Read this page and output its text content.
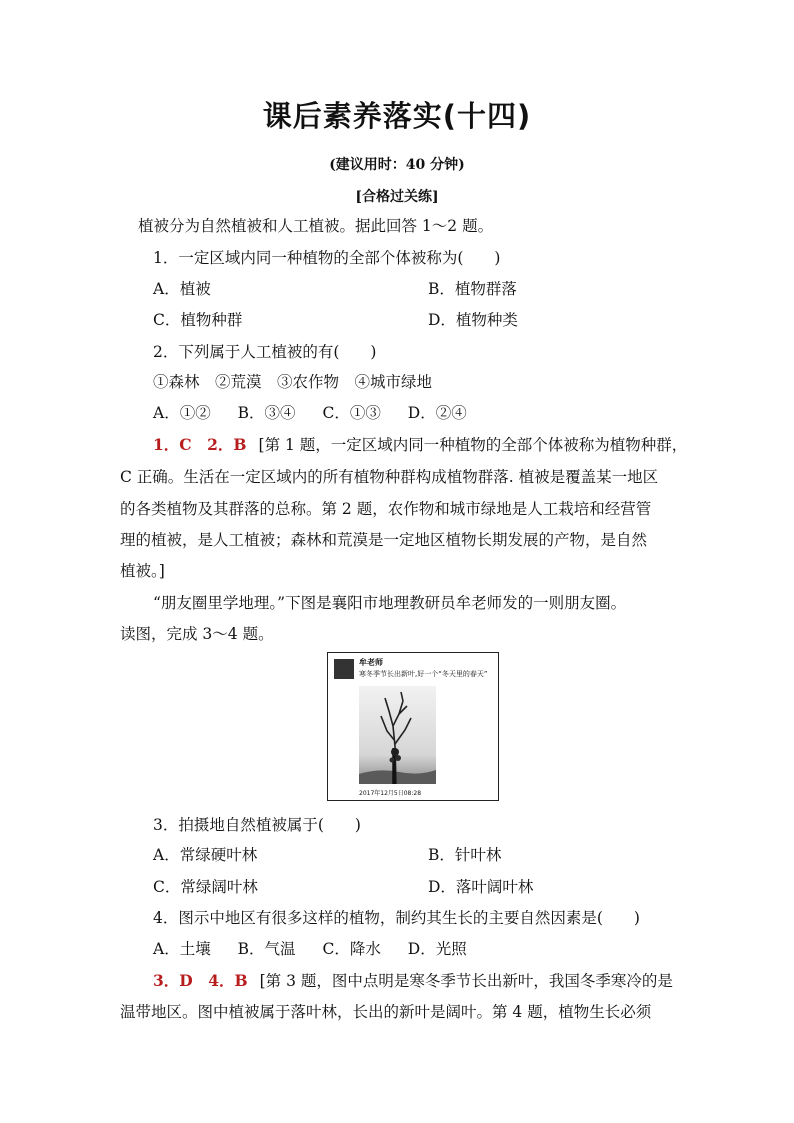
课后素养落实(十四)
(建议用时：40 分钟)
[合格过关练]
植被分为自然植被和人工植被。据此回答 1～2 题。
1．一定区域内同一种植物的全部个体被称为(　　)
A．植被	B．植物群落
C．植物种群	D．植物种类
2．下列属于人工植被的有(　　)
①森林　②荒漠　③农作物　④城市绿地
A．①② B．③④ C．①③ D．②④
1．C　2．B [第 1 题，一定区域内同一种植物的全部个体被称为植物种群，
C 正确。生活在一定区域内的所有植物种群构成植物群落. 植被是覆盖某一地区
的各类植物及其群落的总称。第 2 题，农作物和城市绿地是人工栽培和经营管
理的植被，是人工植被；森林和荒漠是一定地区植物长期发展的产物，是自然
植被。]
“朋友圈里学地理。”下图是襄阳市地理教研员牟老师发的一则朋友圈。
读图，完成 3～4 题。
牟老师
寒冬季节长出新叶,好一个“冬天里的春天”
2017年12月5日08:28
3．拍摄地自然植被属于(　　)
A．常绿硬叶林	B．针叶林
C．常绿阔叶林	D．落叶阔叶林
4．图示中地区有很多这样的植物，制约其生长的主要自然因素是(　　)
A．土壤 B．气温 C．降水 D．光照
3．D　4．B [第 3 题，图中点明是寒冬季节长出新叶，我国冬季寒冷的是
温带地区。图中植被属于落叶林，长出的新叶是阔叶。第 4 题，植物生长必须
